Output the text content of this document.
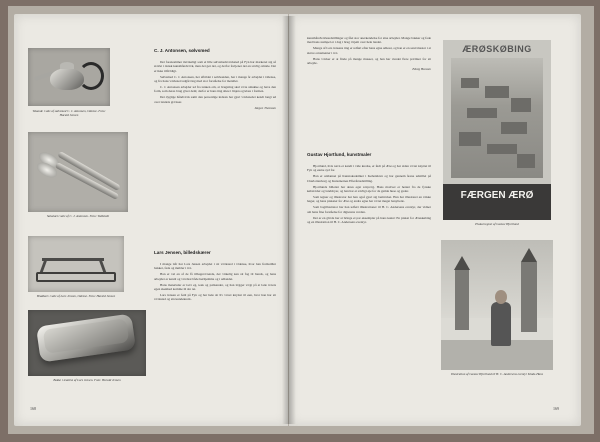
Tekande i sølv af sølvsmed C. J. Antonsen, Odense. Foto: Harald Jensen
Salatsæt i sølv af C. J. Antonsen. Foto: Toldstedt
Brødkurv i sølv af Lars Jensen, Odense. Foto: Harald Jensen
Bakke i teaktræ af Lars Jensen. Foto: Harald Jensen
C. J. Antonsen, sølvsmed

Det forekommer mærkeligt som et lille sølvsmedsværksted på Fyn har markeret sig så stærkt i dansk kunsthåndværk, men det gør det, og derfor fortjener det en særlig omtale. Det er ikke tilfældigt.

Sølvsmed C. J. Antonsen, her afbildet i sølvkanden, har i mange år arbejdet i Odense, og fra hans værksted udgår ting med stor forståelse for metallet.

C. J. Antonsen arbejder ud fra tanken om, at brugsting skal være smukke og have den form, som deres brug giver dem; derfor er hans ting sikre i linjen og klare i formen.

Det dygtige håndværk samt den personlige indsats har gjort værkstedet kendt langt ud over landets grænser.

Jørgen Thomsen

Lars Jensen, billedskærer

I mange tiår har Lars Jensen arbejdet i sit værksted i Odense, hvor han fremstiller bakker, fade og møbler i træ.

Han er vel en af de få tilbageværende, der virkelig kan sit fag til bunds, og hans arbejder er kendt og værdsat både herhjemme og i udlandet.

Hans materialer er især eg, teak og palisander, og han lægger vægt på at lade træets egen skønhed komme til sin ret.

Lars Jensen er født på Fyn og har hele sit liv været knyttet til øen, hvor han har sit værksted og sin kundekreds.

168

kunsthåndværksudstillinger og fået stor anerkendelse for sine arbejder. Mange bakker og fade med hans stempel er i dag i brug i hjem over hele landet.

Mange af Lars Jensens ting er udført efter hans egne udkast, og han er en sand mester i at skære ornamenter i træ.

Hans værker er at finde på mange museer, og han har vundet flere præmier for sit arbejde.

Edvig Hansen

Gustav Hjortlund, kunstmaler

Hjortlund, hvis navn er kendt i vide kredse, er født på Ærø og har siden været knyttet til Fyn og øerne syd for.

Han er uddannet på Kunstakademiet i København og har gennem årene udstillet på Charlottenborg og Kunstnernes Efterårsudstilling.

Hjortlunds billeder har deres eget særpræg. Hans motiver er hentet fra de fynske købstæder og landsbyer, og han har et særligt øje for de gamle huse og gader.

Som tegner og illustrator har han også gjort sig bemærket. Han har illustreret en række bøger, og hans plakater for Ærø og andre egne har været meget benyttede.

Som bogillustrator har han udført illustrationer til H. C. Andersens eventyr, der vidner om hans fine forståelse for digterens verden.

Det er en glæde her at bringe et par eksempler på hans kunst: En plakat for Ærøskøbing og en illustration til H. C. Andersens eventyr.

ÆRØSKØBING
FÆRGEN ÆRØ
Plakat tegnet af Gustav Hjortlund
Illustration af Gustav Hjortlund til H. C. Andersens eventyr Klods-Hans
169
